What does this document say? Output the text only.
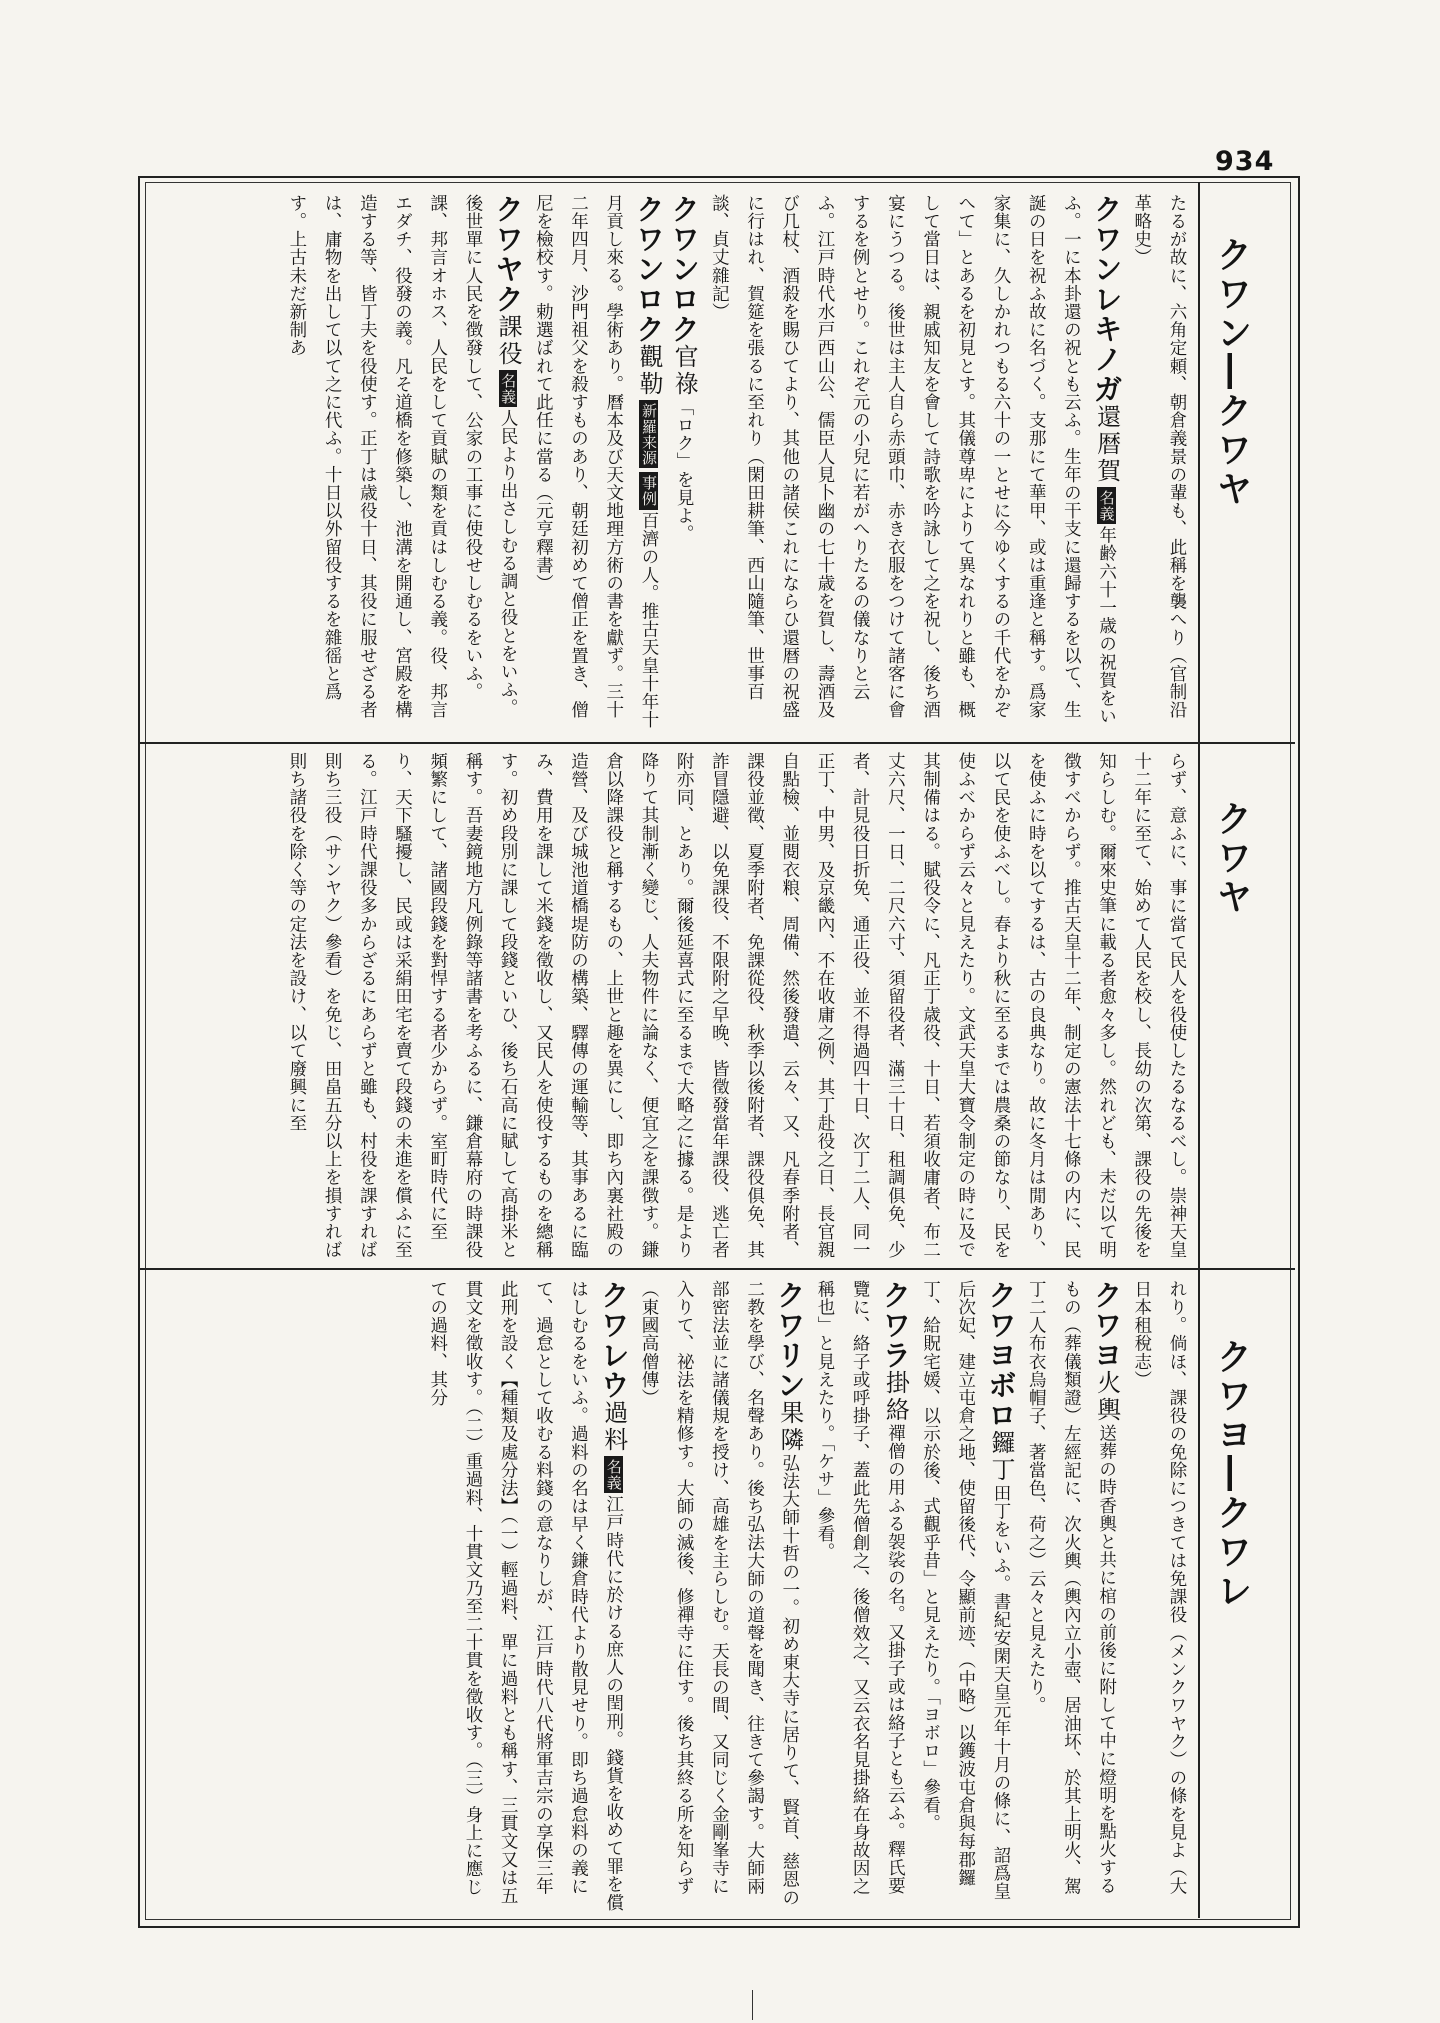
934
クワン―クワヤ
クワヤ
クワヨ―クワレ

たるが故に、六角定頼、朝倉義景の輩も、此稱を襲へり（官制沿革略史）

クワンレキノガ還暦賀名義年齢六十一歳の祝賀をいふ。一に本卦還の祝とも云ふ。生年の干支に還歸するを以て、生誕の日を祝ふ故に名づく。支那にて華甲、或は重逢と稱す。爲家家集に、久しかれつもる六十の一とせに今ゆくするの千代をかぞへて」とあるを初見とす。其儀尊卑によりて異なれりと雖も、概して當日は、親戚知友を會して詩歌を吟詠して之を祝し、後ち酒宴にうつる。後世は主人自ら赤頭巾、赤き衣服をつけて諸客に會するを例とせり。これぞ元の小兒に若がへりたるの儀なりと云ふ。江戸時代水戸西山公、儒臣人見卜幽の七十歳を賀し、壽酒及び几杖、酒殺を賜ひてより、其他の諸侯これにならひ還暦の祝盛に行はれ、賀筵を張るに至れり（閑田耕筆、西山隨筆、世事百談、貞丈雜記）

クワンロク官祿「ロク」を見よ。

クワンロク觀勒新羅来源事例百濟の人。推古天皇十年十月貢し來る。學術あり。曆本及び天文地理方術の書を獻ず。三十二年四月、沙門祖父を殺すものあり、朝廷初めて僧正を置き、僧尼を檢校す。勅選ばれて此任に當る（元亨釋書）

クワヤク課役名義人民より出さしむる調と役とをいふ。後世單に人民を徴發して、公家の工事に使役せしむるをいふ。課、邦言オホス、人民をして貢賦の類を貢はしむる義。役、邦言エダチ、役發の義。凡そ道橋を修築し、池溝を開通し、宮殿を構造する等、皆丁夫を役使す。正丁は歳役十日、其役に服せざる者は、庸物を出して以て之に代ふ。十日以外留役するを雜徭と爲す。上古未だ新制あ

らず、意ふに、事に當て民人を役使したるなるべし。崇神天皇十二年に至て、始めて人民を校し、長幼の次第、課役の先後を知らしむ。爾來史筆に載る者愈々多し。然れども、未だ以て明徴すべからず。推古天皇十二年、制定の憲法十七條の内に、民を使ふに時を以てするは、古の良典なり。故に冬月は閒あり、以て民を使ふべし。春より秋に至るまでは農桑の節なり、民を使ふべからず云々と見えたり。文武天皇大寶令制定の時に及で其制備はる。賦役令に、凡正丁歳役、十日、若須收庸者、布二丈六尺、一日、二尺六寸、須留役者、滿三十日、租調俱免、少者、計見役日折免、通正役、並不得過四十日、次丁二人、同一正丁、中男、及京畿內、不在收庸之例、其丁赴役之日、長官親自點檢、並閱衣粮、周備、然後發遣、云々、又、凡春季附者、課役並徵、夏季附者、免課從役、秋季以後附者、課役俱免、其詐冒隱避、以免課役、不限附之早晚、皆徵發當年課役、逃亡者附亦同、とあり。爾後延喜式に至るまで大略之に據る。是より降りて其制漸く變じ、人夫物件に論なく、便宜之を課徴す。鎌倉以降課役と稱するもの、上世と趣を異にし、即ち內裏社殿の造營、及び城池道橋堤防の構築、驛傳の運輸等、其事あるに臨み、費用を課して米錢を徵收し、又民人を使役するものを總稱す。初め段別に課して段錢といひ、後ち石高に賦して高掛米と稱す。吾妻鏡地方凡例錄等諸書を考ふるに、鎌倉幕府の時課役頻繁にして、諸國段錢を對悍する者少からず。室町時代に至り、天下騷擾し、民或は采絹田宅を賣て段錢の未進を償ふに至る。江戸時代課役多からざるにあらずと雖も、村役を課すれば則ち三役（サンヤク）參看）を免じ、田畠五分以上を損すれば則ち諸役を除く等の定法を設け、以て廢興に至

れり。倘ほ、課役の免除につきては免課役（メンクワヤク）の條を見よ（大日本租稅志）

クワヨ火輿送葬の時香輿と共に棺の前後に附して中に燈明を點火するもの（葬儀類證）左經記に、次火輿（輿內立小壺、居油坏、於其上明火、駕丁二人布衣烏帽子、著當色、荷之）云々と見えたり。

クワヨボロ鑼丁田丁をいふ。書紀安閑天皇元年十月の條に、詔爲皇后次妃、建立屯倉之地、使留後代、令顯前迹、（中略）以鑊波屯倉與每郡鑼丁、給貺宅媛、以示於後、式觀乎昔」と見えたり。「ヨボロ」參看。

クワラ掛絡禪僧の用ふる袈裟の名。又掛子或は絡子とも云ふ。釋氏要覽に、絡子或呼掛子、蓋此先僧創之、後僧效之、又云衣名見掛絡在身故因之稱也」と見えたり。「ケサ」參看。

クワリン果隣弘法大師十哲の一。初め東大寺に居りて、賢首、慈恩の二教を學び、名聲あり。後ち弘法大師の道聲を聞き、往きて參謁す。大師兩部密法並に諸儀規を授け、高雄を主らしむ。天長の間、又同じく金剛峯寺に入りて、祕法を精修す。大師の滅後、修禪寺に住す。後ち其終る所を知らず（東國高僧傳）

クワレウ過料名義江戸時代に於ける庶人の閏刑。錢貨を收めて罪を償はしむるをいふ。過料の名は早く鎌倉時代より散見せり。即ち過怠料の義にて、過怠として收むる料錢の意なりしが、江戸時代八代將軍吉宗の享保三年此刑を設く【種類及處分法】（一）輕過料、單に過料とも稱す、三貫文又は五貫文を徵收す。（二）重過料、十貫文乃至二十貫を徵收す。（三）身上に應じての過料、其分
